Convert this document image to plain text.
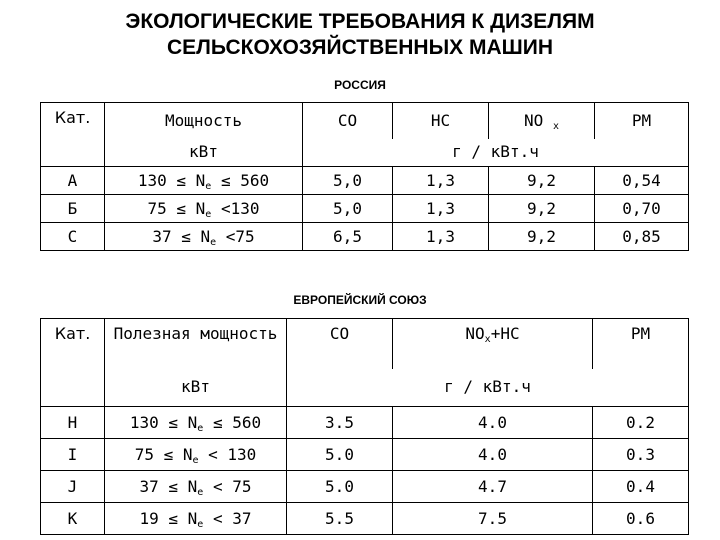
ЭКОЛОГИЧЕСКИЕ ТРЕБОВАНИЯ К ДИЗЕЛЯМ
СЕЛЬСКОХОЗЯЙСТВЕННЫХ МАШИН
РОССИЯ
Кат.	Мощность	CO	HC	NO $_x$	PM
	кВт	г / кВт.ч			
A	$130 \le N_e \le 560$	5,0	1,3	9,2	0,54
Б	$75 \le N_e <130$	5,0	1,3	9,2	0,70
C	$37 \le N_e <75$	6,5	1,3	9,2	0,85
ЕВРОПЕЙСКИЙ СОЮЗ
Кат.	Полезная мощность	CO	$NO_x+HC$	PM
	кВт	г / кВт.ч		
H	$130 \le N_e \le 560$	3.5	4.0	0.2
I	$75 \le N_e < 130$	5.0	4.0	0.3
J	$37 \le N_e < 75$	5.0	4.7	0.4
K	$19 \le N_e < 37$	5.5	7.5	0.6
